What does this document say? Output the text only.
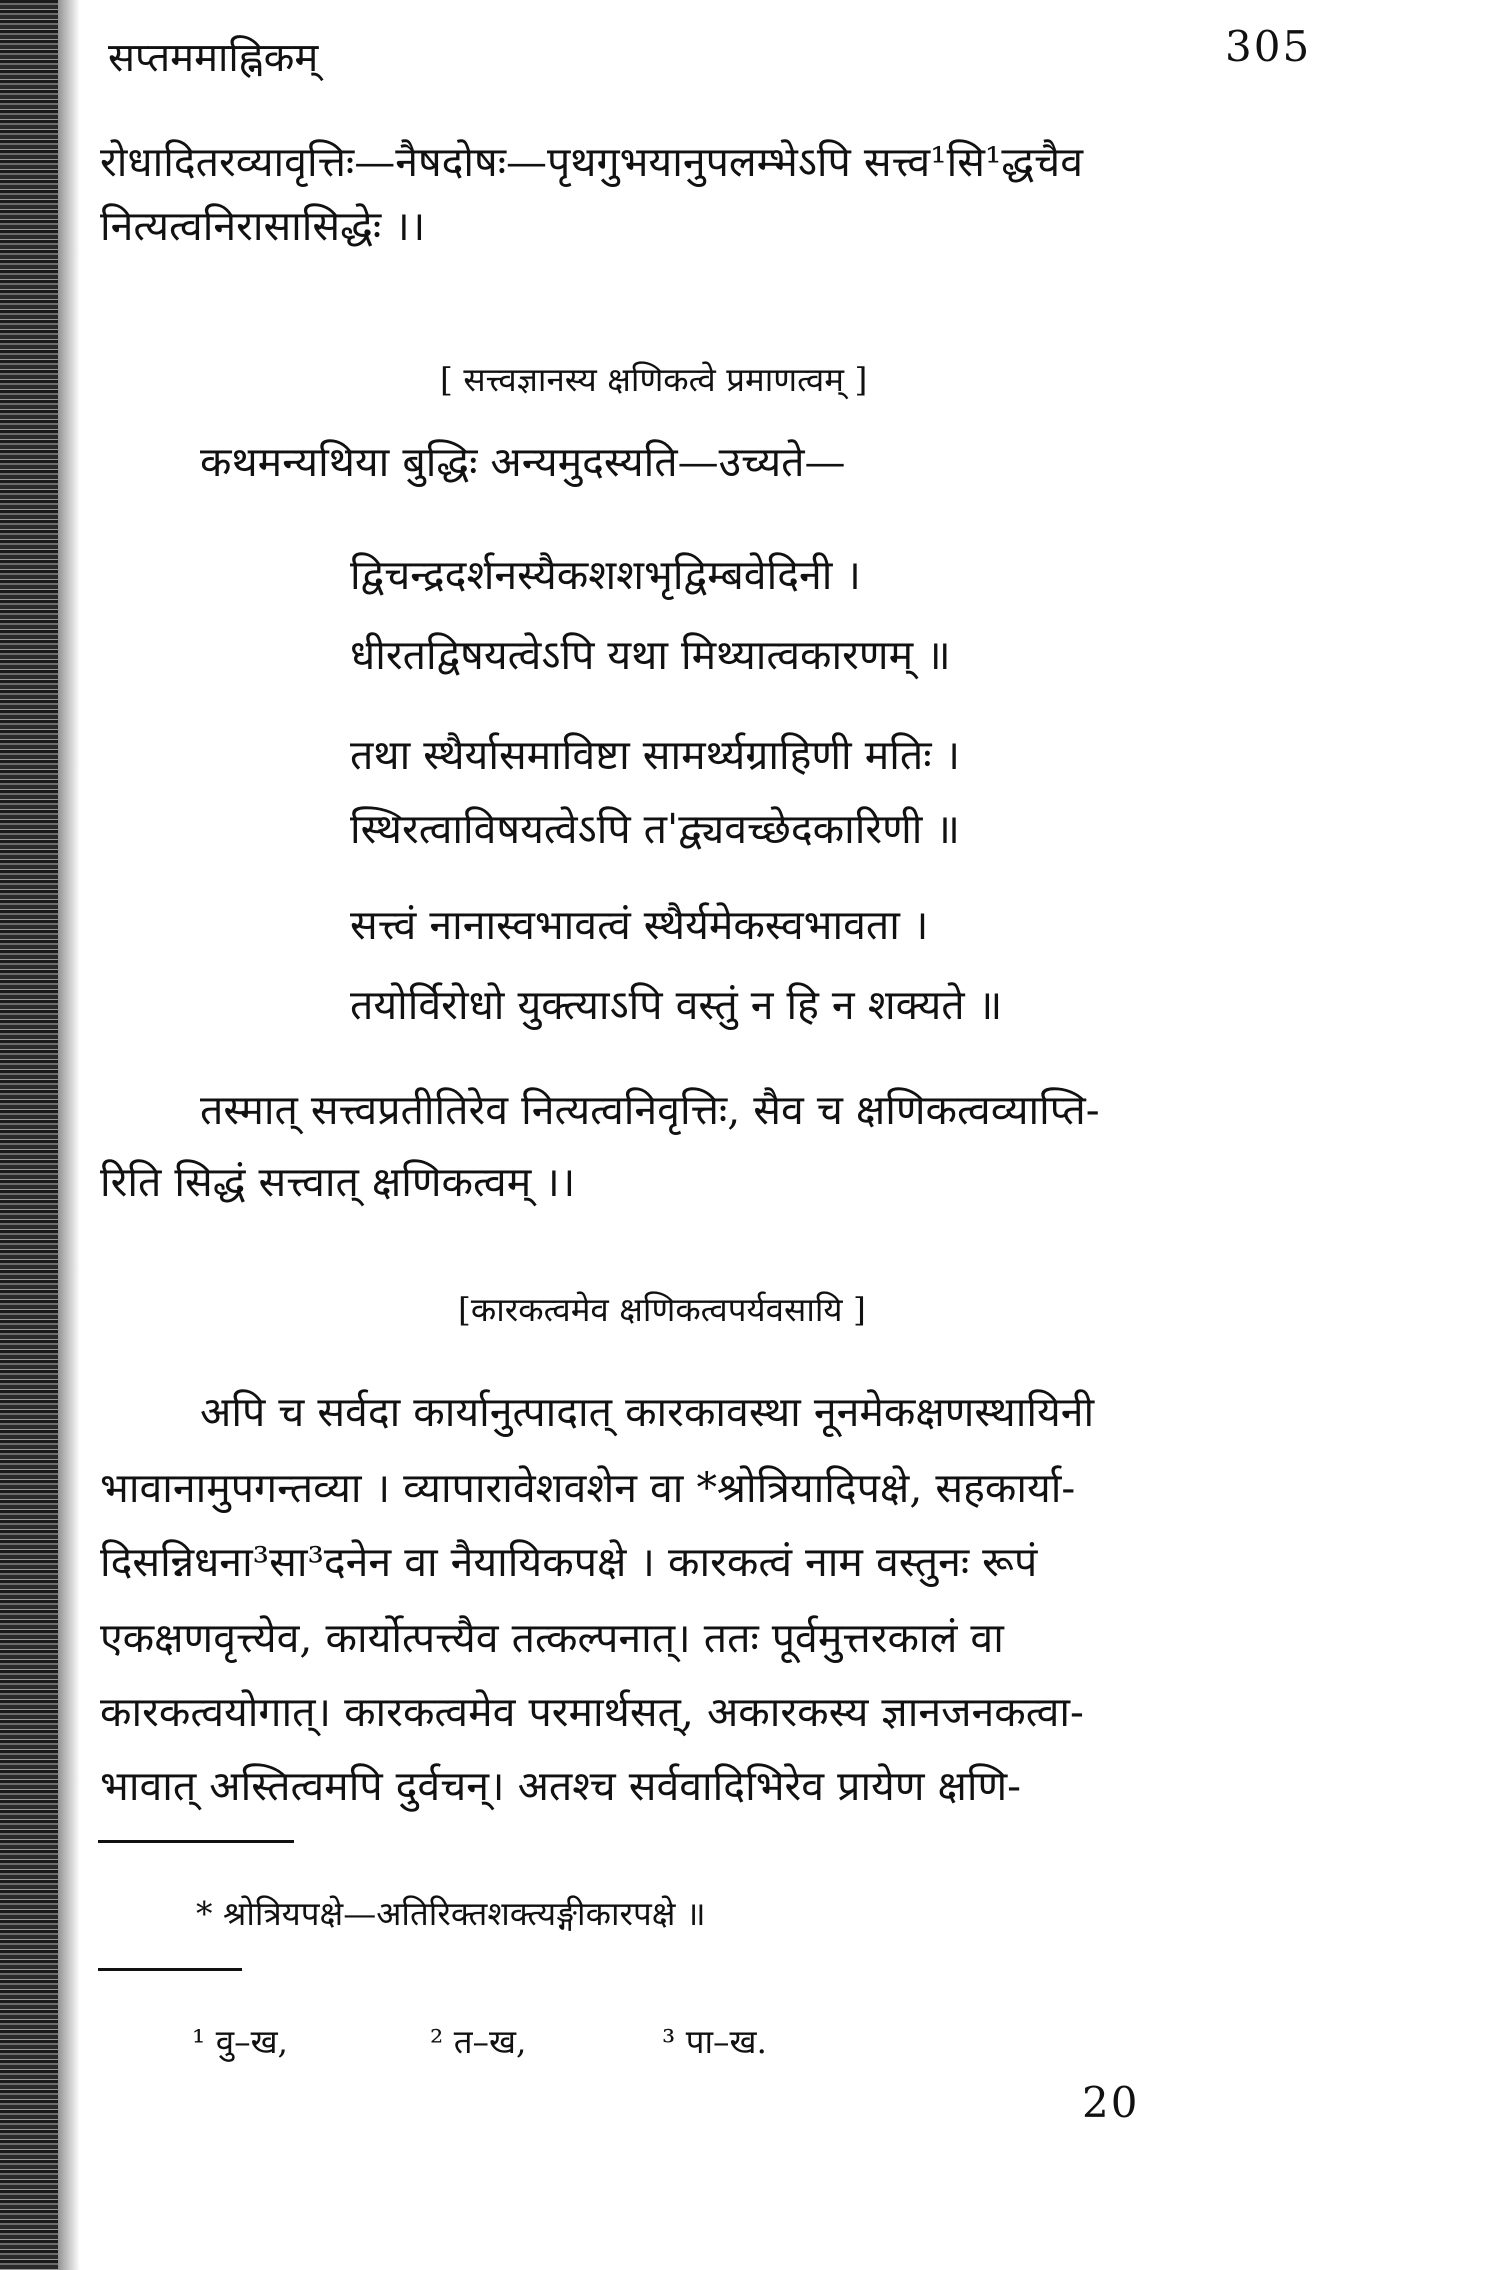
सप्तममाह्निकम्	305
रोधादितरव्यावृत्तिः—नैषदोषः—पृथगुभयानुपलम्भेऽपि सत्त्व¹सि¹द्धचैव
नित्यत्वनिरासासिद्धेः ।।
[ सत्त्वज्ञानस्य क्षणिकत्वे प्रमाणत्वम् ]
कथमन्यथिया बुद्धिः अन्यमुदस्यति—उच्यते—
द्विचन्द्रदर्शनस्यैकशशभृद्विम्बवेदिनी ।
धीरतद्विषयत्वेऽपि यथा मिथ्यात्वकारणम् ॥
तथा स्थैर्यासमाविष्टा सामर्थ्यग्राहिणी मतिः ।
स्थिरत्वाविषयत्वेऽपि त'द्व्यवच्छेदकारिणी ॥
सत्त्वं नानास्वभावत्वं स्थैर्यमेकस्वभावता ।
तयोर्विरोधो युक्त्याऽपि वस्तुं न हि न शक्यते ॥
तस्मात् सत्त्वप्रतीतिरेव नित्यत्वनिवृत्तिः, सैव च क्षणिकत्वव्याप्ति-
रिति सिद्धं सत्त्वात् क्षणिकत्वम् ।।
[कारकत्वमेव क्षणिकत्वपर्यवसायि ]
अपि च सर्वदा कार्यानुत्पादात् कारकावस्था नूनमेकक्षणस्थायिनी
भावानामुपगन्तव्या । व्यापारावेशवशेन वा *श्रोत्रियादिपक्षे, सहकार्या-
दिसन्निधना³सा³दनेन वा नैयायिकपक्षे । कारकत्वं नाम वस्तुनः रूपं
एकक्षणवृत्त्येव, कार्योत्पत्त्यैव तत्कल्पनात्। ततः पूर्वमुत्तरकालं वा
कारकत्वयोगात्। कारकत्वमेव परमार्थसत्, अकारकस्य ज्ञानजनकत्वा-
भावात् अस्तित्वमपि दुर्वचन्। अतश्च सर्ववादिभिरेव प्रायेण क्षणि-
* श्रोत्रियपक्षे—अतिरिक्तशक्त्यङ्गीकारपक्षे ॥
¹ वु–ख,	² त–ख,	³ पा–ख.
20
